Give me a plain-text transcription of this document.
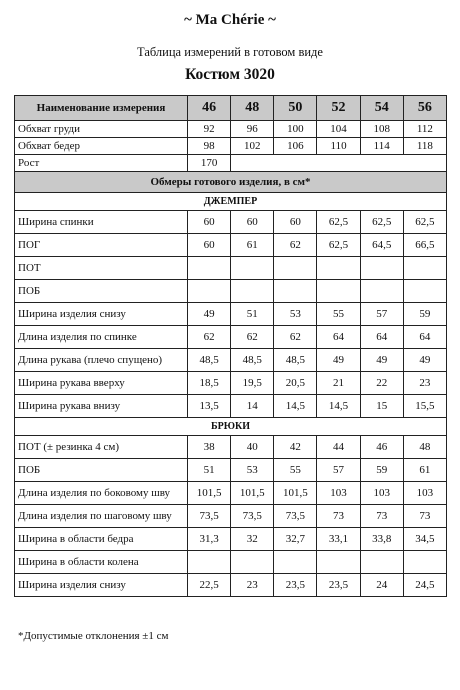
~ Ma Chérie ~
Таблица измерений в готовом виде
Костюм 3020
Наименование измерения	46	48	50	52	54	56
Обхват груди	92	96	100	104	108	112
Обхват бедер	98	102	106	110	114	118
Рост	170					
Обмеры готового изделия, в см*						
ДЖЕМПЕР						
Ширина спинки	60	60	60	62,5	62,5	62,5
ПОГ	60	61	62	62,5	64,5	66,5
ПОТ						
ПОБ						
Ширина изделия снизу	49	51	53	55	57	59
Длина изделия по спинке	62	62	62	64	64	64
Длина рукава (плечо спущено)	48,5	48,5	48,5	49	49	49
Ширина рукава вверху	18,5	19,5	20,5	21	22	23
Ширина рукава внизу	13,5	14	14,5	14,5	15	15,5
БРЮКИ						
ПОТ (± резинка 4 см)	38	40	42	44	46	48
ПОБ	51	53	55	57	59	61
Длина изделия по боковому шву	101,5	101,5	101,5	103	103	103
Длина изделия по шаговому шву	73,5	73,5	73,5	73	73	73
Ширина в области бедра	31,3	32	32,7	33,1	33,8	34,5
Ширина в области колена						
Ширина изделия снизу	22,5	23	23,5	23,5	24	24,5
*Допустимые отклонения ±1 см
